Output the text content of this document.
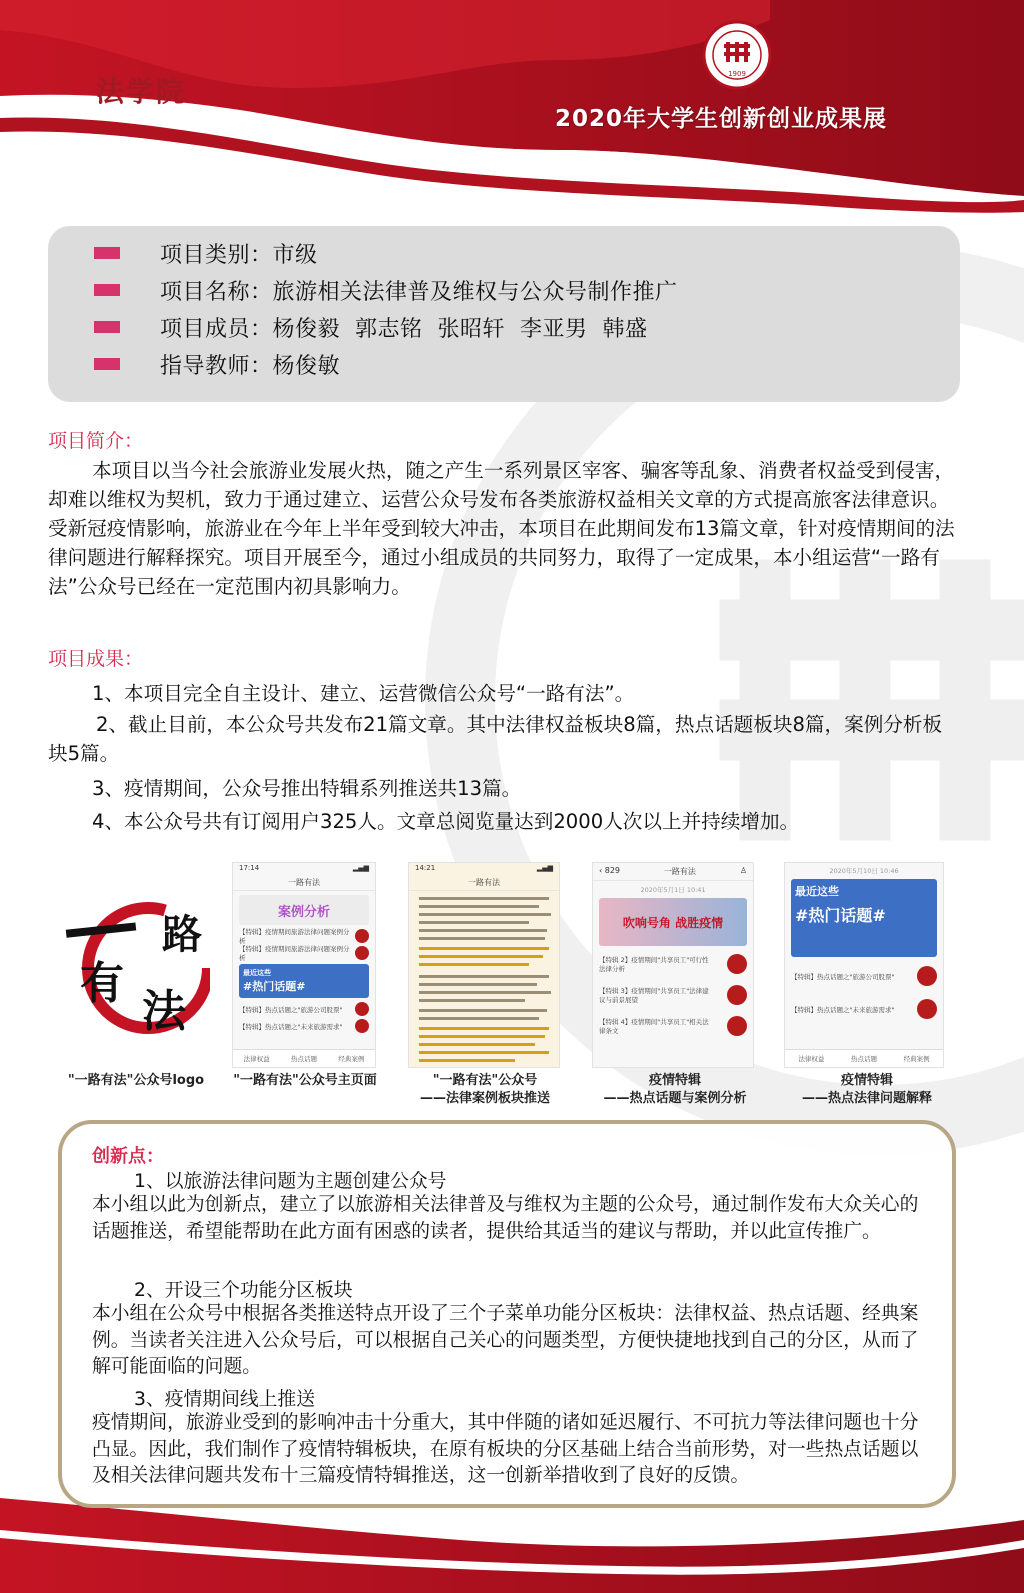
法学院
1909
2020年大学生创新创业成果展
项目类别：市级
项目名称：旅游相关法律普及维权与公众号制作推广
项目成员：杨俊毅  郭志铭  张昭轩  李亚男  韩盛
指导教师：杨俊敏
项目简介：
本项目以当今社会旅游业发展火热，随之产生一系列景区宰客、骗客等乱象、消费者权益受到侵害，却难以维权为契机，致力于通过建立、运营公众号发布各类旅游权益相关文章的方式提高旅客法律意识。受新冠疫情影响，旅游业在今年上半年受到较大冲击，本项目在此期间发布13篇文章，针对疫情期间的法律问题进行解释探究。项目开展至今，通过小组成员的共同努力，取得了一定成果，本小组运营“一路有法”公众号已经在一定范围内初具影响力。
项目成果：
1、本项目完全自主设计、建立、运营微信公众号“一路有法”。
2、截止目前，本公众号共发布21篇文章。其中法律权益板块8篇，热点话题板块8篇，案例分析板块5篇。
3、疫情期间，公众号推出特辑系列推送共13篇。
4、本公众号共有订阅用户325人。文章总阅览量达到2000人次以上并持续增加。
路
有
法
17:14	▂▄▆
一路有法
案例分析
【特辑】疫情期间旅游法律问题案例分析
【特辑】疫情期间旅游法律问题案例分析
最近这些
#热门话题#
【特辑】热点话题之"旅游公司股票"
【特辑】热点话题之"未来旅游需求"
法律权益	热点话题	经典案例
14:21	▂▄▆
一路有法
‹ 829	一路有法	♙
2020年5月1日 10:41
吹响号角 战胜疫情
【特辑 2】疫情期间"共享员工"可行性法律分析
【特辑 3】疫情期间"共享员工"法律建议与前景展望
【特辑 4】疫情期间"共享员工"相关法律条文
2020年5月10日 10:46
最近这些
#热门话题#
【特辑】热点话题之"旅游公司股票"
【特辑】热点话题之"未来旅游需求"
法律权益	热点话题	经典案例
"一路有法"公众号logo	"一路有法"公众号主页面	"一路有法"公众号
——法律案例板块推送
疫情特辑
——热点话题与案例分析
疫情特辑
——热点法律问题解释
创新点：
1、以旅游法律问题为主题创建公众号
本小组以此为创新点，建立了以旅游相关法律普及与维权为主题的公众号，通过制作发布大众关心的话题推送，希望能帮助在此方面有困惑的读者，提供给其适当的建议与帮助，并以此宣传推广。
2、开设三个功能分区板块
本小组在公众号中根据各类推送特点开设了三个子菜单功能分区板块：法律权益、热点话题、经典案例。当读者关注进入公众号后，可以根据自己关心的问题类型，方便快捷地找到自己的分区，从而了解可能面临的问题。
3、疫情期间线上推送
疫情期间，旅游业受到的影响冲击十分重大，其中伴随的诸如延迟履行、不可抗力等法律问题也十分凸显。因此，我们制作了疫情特辑板块，在原有板块的分区基础上结合当前形势，对一些热点话题以及相关法律问题共发布十三篇疫情特辑推送，这一创新举措收到了良好的反馈。
